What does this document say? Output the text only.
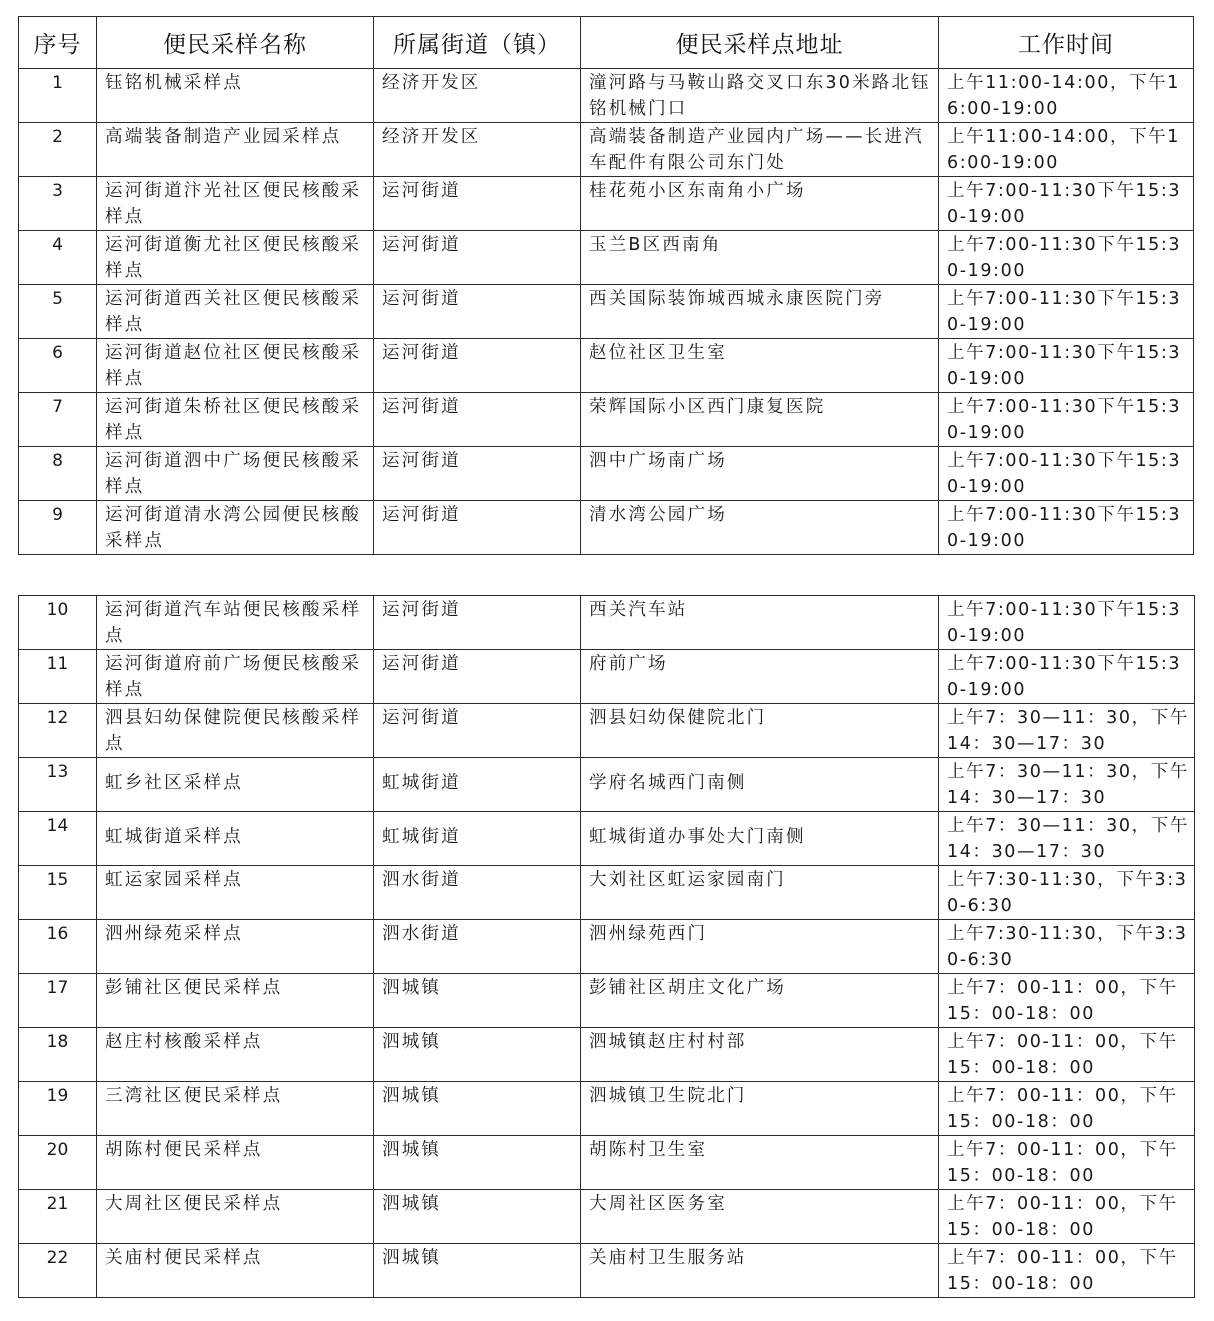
序号	便民采样名称	所属街道（镇）	便民采样点地址	工作时间

1	钰铭机械采样点	经济开发区	潼河路与马鞍山路交叉口东30米路北钰铭机械门口	上午11:00-14:00，下午16:00-19:00

2	高端装备制造产业园采样点	经济开发区	高端装备制造产业园内广场——长进汽车配件有限公司东门处	上午11:00-14:00，下午16:00-19:00

3	运河街道汴光社区便民核酸采样点	运河街道	桂花苑小区东南角小广场	上午7:00-11:30下午15:30-19:00

4	运河街道衡尤社区便民核酸采样点	运河街道	玉兰B区西南角	上午7:00-11:30下午15:30-19:00

5	运河街道西关社区便民核酸采样点	运河街道	西关国际装饰城西城永康医院门旁	上午7:00-11:30下午15:30-19:00

6	运河街道赵位社区便民核酸采样点	运河街道	赵位社区卫生室	上午7:00-11:30下午15:30-19:00

7	运河街道朱桥社区便民核酸采样点	运河街道	荣辉国际小区西门康复医院	上午7:00-11:30下午15:30-19:00

8	运河街道泗中广场便民核酸采样点	运河街道	泗中广场南广场	上午7:00-11:30下午15:30-19:00

9	运河街道清水湾公园便民核酸采样点	运河街道	清水湾公园广场	上午7:00-11:30下午15:30-19:00
10	运河街道汽车站便民核酸采样点	运河街道	西关汽车站	上午7:00-11:30下午15:30-19:00

11	运河街道府前广场便民核酸采样点	运河街道	府前广场	上午7:00-11:30下午15:30-19:00

12	泗县妇幼保健院便民核酸采样点	运河街道	泗县妇幼保健院北门	上午7：30—11：30，下午14：30—17：30

13	虹乡社区采样点	虹城街道	学府名城西门南侧	上午7：30—11：30，下午14：30—17：30

14	虹城街道采样点	虹城街道	虹城街道办事处大门南侧	上午7：30—11：30，下午14：30—17：30

15	虹运家园采样点	泗水街道	大刘社区虹运家园南门	上午7:30-11:30，下午3:30-6:30

16	泗州绿苑采样点	泗水街道	泗州绿苑西门	上午7:30-11:30，下午3:30-6:30

17	彭铺社区便民采样点	泗城镇	彭铺社区胡庄文化广场	上午7：00-11：00，下午15：00-18：00

18	赵庄村核酸采样点	泗城镇	泗城镇赵庄村村部	上午7：00-11：00，下午15：00-18：00

19	三湾社区便民采样点	泗城镇	泗城镇卫生院北门	上午7：00-11：00，下午15：00-18：00

20	胡陈村便民采样点	泗城镇	胡陈村卫生室	上午7：00-11：00，下午15：00-18：00

21	大周社区便民采样点	泗城镇	大周社区医务室	上午7：00-11：00，下午15：00-18：00

22	关庙村便民采样点	泗城镇	关庙村卫生服务站	上午7：00-11：00，下午15：00-18：00
